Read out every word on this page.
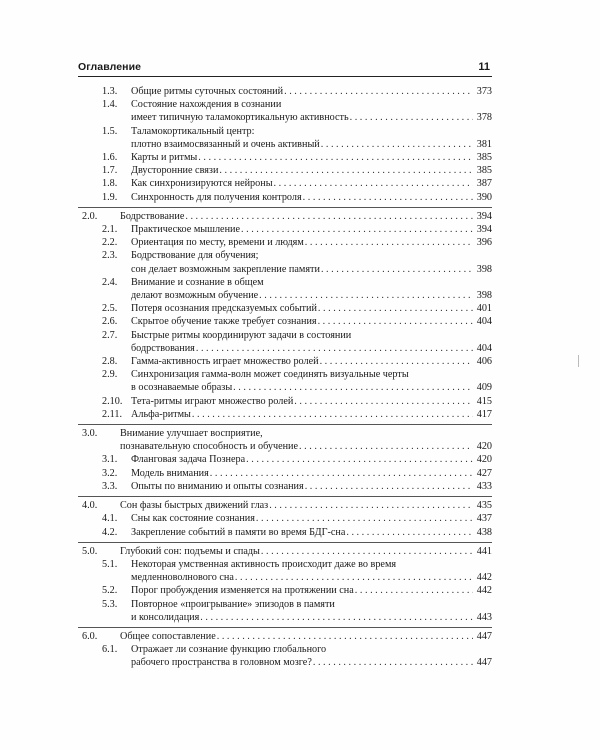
Оглавление	11
1.3. Общие ритмы суточных состояний . . .	373
1.4. Состояние нахождения в сознании
имеет типичную таламокортикальную активность . . .	378
1.5. Таламокортикальный центр:
плотно взаимосвязанный и очень активный . . .	381
1.6. Карты и ритмы . . .	385
1.7. Двусторонние связи . . .	385
1.8. Как синхронизируются нейроны . . .	387
1.9. Синхронность для получения контроля . . .	390
2.0. Бодрствование . . .	394
2.1. Практическое мышление . . .	394
2.2. Ориентация по месту, времени и людям . . .	396
2.3. Бодрствование для обучения;
сон делает возможным закрепление памяти . . .	398
2.4. Внимание и сознание в общем
делают возможным обучение . . .	398
2.5. Потеря осознания предсказуемых событий . . .	401
2.6. Скрытое обучение также требует сознания . . .	404
2.7. Быстрые ритмы координируют задачи в состоянии
бодрствования . . .	404
2.8. Гамма-активность играет множество ролей . . .	406
2.9. Синхронизация гамма-волн может соединять визуальные черты
в осознаваемые образы . . .	409
2.10. Тета-ритмы играют множество ролей . . .	415
2.11. Альфа-ритмы . . .	417
3.0. Внимание улучшает восприятие,
познавательную способность и обучение . . .	420
3.1. Фланговая задача Познера . . .	420
3.2. Модель внимания . . .	427
3.3. Опыты по вниманию и опыты сознания . . .	433
4.0. Сон фазы быстрых движений глаз . . .	435
4.1. Сны как состояние сознания . . .	437
4.2. Закрепление событий в памяти во время БДГ-сна . . .	438
5.0. Глубокий сон: подъемы и спады . . .	441
5.1. Некоторая умственная активность происходит даже во время
медленноволнового сна . . .	442
5.2. Порог пробуждения изменяется на протяжении сна . . .	442
5.3. Повторное «проигрывание» эпизодов в памяти
и консолидация . . .	443
6.0. Общее сопоставление . . .	447
6.1. Отражает ли сознание функцию глобального
рабочего пространства в головном мозге? . . .	447
